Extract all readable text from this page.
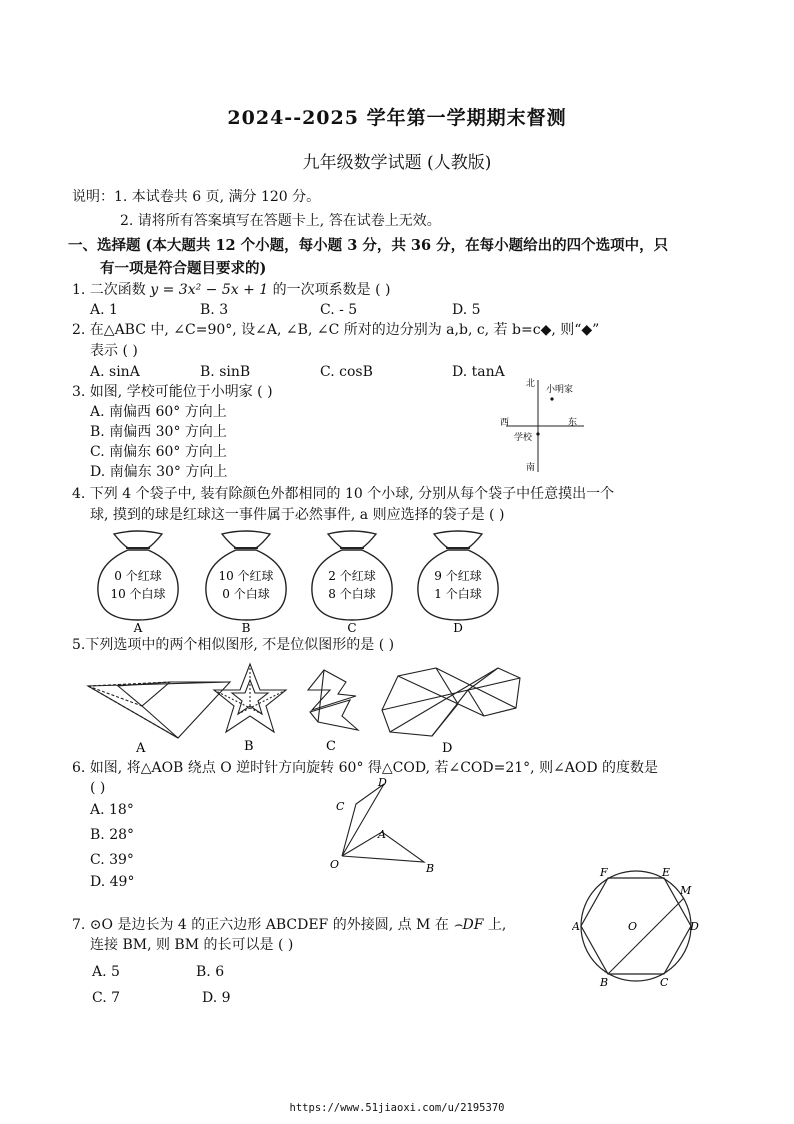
2024--2025 学年第一学期期末督测
九年级数学试题 (人教版)
说明：1. 本试卷共 6 页, 满分 120 分。
2. 请将所有答案填写在答题卡上, 答在试卷上无效。
一、选择题 (本大题共 12 个小题，每小题 3 分，共 36 分，在每小题给出的四个选项中，只
有一项是符合题目要求的)
1. 二次函数 y = 3x² − 5x + 1 的一次项系数是 ( )
A. 1	B. 3	C. - 5	D. 5
2. 在△ABC 中, ∠C=90°, 设∠A, ∠B, ∠C 所对的边分别为 a,b, c, 若 b=c◆, 则“◆”
表示 ( )
A. sinA	B. sinB	C. cosB	D. tanA
3. 如图, 学校可能位于小明家 ( )
A. 南偏西 60° 方向上
B. 南偏西 30° 方向上
C. 南偏东 60° 方向上
D. 南偏东 30° 方向上
北
南
西	东
学校
小明家
4. 下列 4 个袋子中, 装有除颜色外都相同的 10 个小球, 分别从每个袋子中任意摸出一个
球, 摸到的球是红球这一事件属于必然事件, a 则应选择的袋子是 ( )
0 个红球
10 个白球
A
10 个红球
0 个白球
B
2 个红球
8 个白球
C
9 个红球
1 个白球
D
5.下列选项中的两个相似图形, 不是位似图形的是 ( )
A	B	C	D
6. 如图, 将△AOB 绕点 O 逆时针方向旋转 60° 得△COD, 若∠COD=21°, 则∠AOD 的度数是
( )
A. 18°
B. 28°
C. 39°
D. 49°
C
D
A
O	B
7. ⊙O 是边长为 4 的正六边形 ABCDEF 的外接圆, 点 M 在 ⌢DF 上,
连接 BM, 则 BM 的长可以是 ( )
A. 5	B. 6
C. 7	D. 9
F	E
M
A	O	D
B	C
https://www.51jiaoxi.com/u/2195370
